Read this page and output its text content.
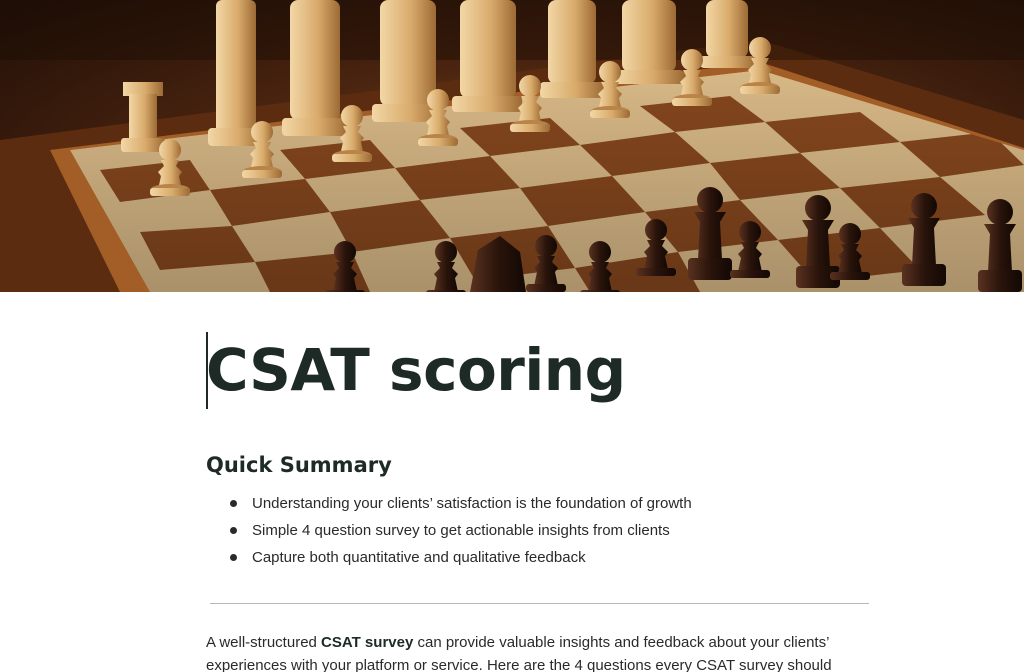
CSAT scoring
Quick Summary
Understanding your clients’ satisfaction is the foundation of growth
Simple 4 question survey to get actionable insights from clients
Capture both quantitative and qualitative feedback

A well-structured CSAT survey can provide valuable insights and feedback about your clients’ experiences with your platform or service. Here are the 4 questions every CSAT survey should
